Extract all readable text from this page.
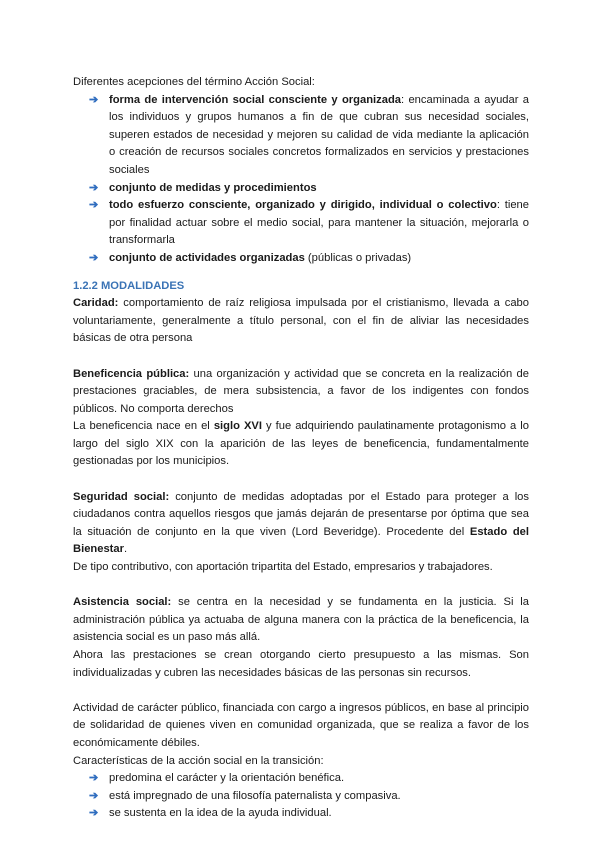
Diferentes acepciones del término Acción Social:

➔ forma de intervención social consciente y organizada: encaminada a ayudar a los individuos y grupos humanos a fin de que cubran sus necesidad sociales, superen estados de necesidad y mejoren su calidad de vida mediante la aplicación o creación de recursos sociales concretos formalizados en servicios y prestaciones sociales
➔ conjunto de medidas y procedimientos
➔ todo esfuerzo consciente, organizado y dirigido, individual o colectivo: tiene por finalidad actuar sobre el medio social, para mantener la situación, mejorarla o transformarla
➔ conjunto de actividades organizadas (públicas o privadas)

1.2.2 MODALIDADES

Caridad: comportamiento de raíz religiosa impulsada por el cristianismo, llevada a cabo voluntariamente, generalmente a título personal, con el fin de aliviar las necesidades básicas de otra persona

Beneficencia pública: una organización y actividad que se concreta en la realización de prestaciones graciables, de mera subsistencia, a favor de los indigentes con fondos públicos. No comporta derechos

La beneficencia nace en el siglo XVI y fue adquiriendo paulatinamente protagonismo a lo largo del siglo XIX con la aparición de las leyes de beneficencia, fundamentalmente gestionadas por los municipios.

Seguridad social: conjunto de medidas adoptadas por el Estado para proteger a los ciudadanos contra aquellos riesgos que jamás dejarán de presentarse por óptima que sea la situación de conjunto en la que viven (Lord Beveridge). Procedente del Estado del Bienestar.

De tipo contributivo, con aportación tripartita del Estado, empresarios y trabajadores.

Asistencia social: se centra en la necesidad y se fundamenta en la justicia. Si la administración pública ya actuaba de alguna manera con la práctica de la beneficencia, la asistencia social es un paso más allá.

Ahora las prestaciones se crean otorgando cierto presupuesto a las mismas. Son individualizadas y cubren las necesidades básicas de las personas sin recursos.

Actividad de carácter público, financiada con cargo a ingresos públicos, en base al principio de solidaridad de quienes viven en comunidad organizada, que se realiza a favor de los económicamente débiles.

Características de la acción social en la transición:

➔ predomina el carácter y la orientación benéfica.
➔ está impregnado de una filosofía paternalista y compasiva.
➔ se sustenta en la idea de la ayuda individual.
